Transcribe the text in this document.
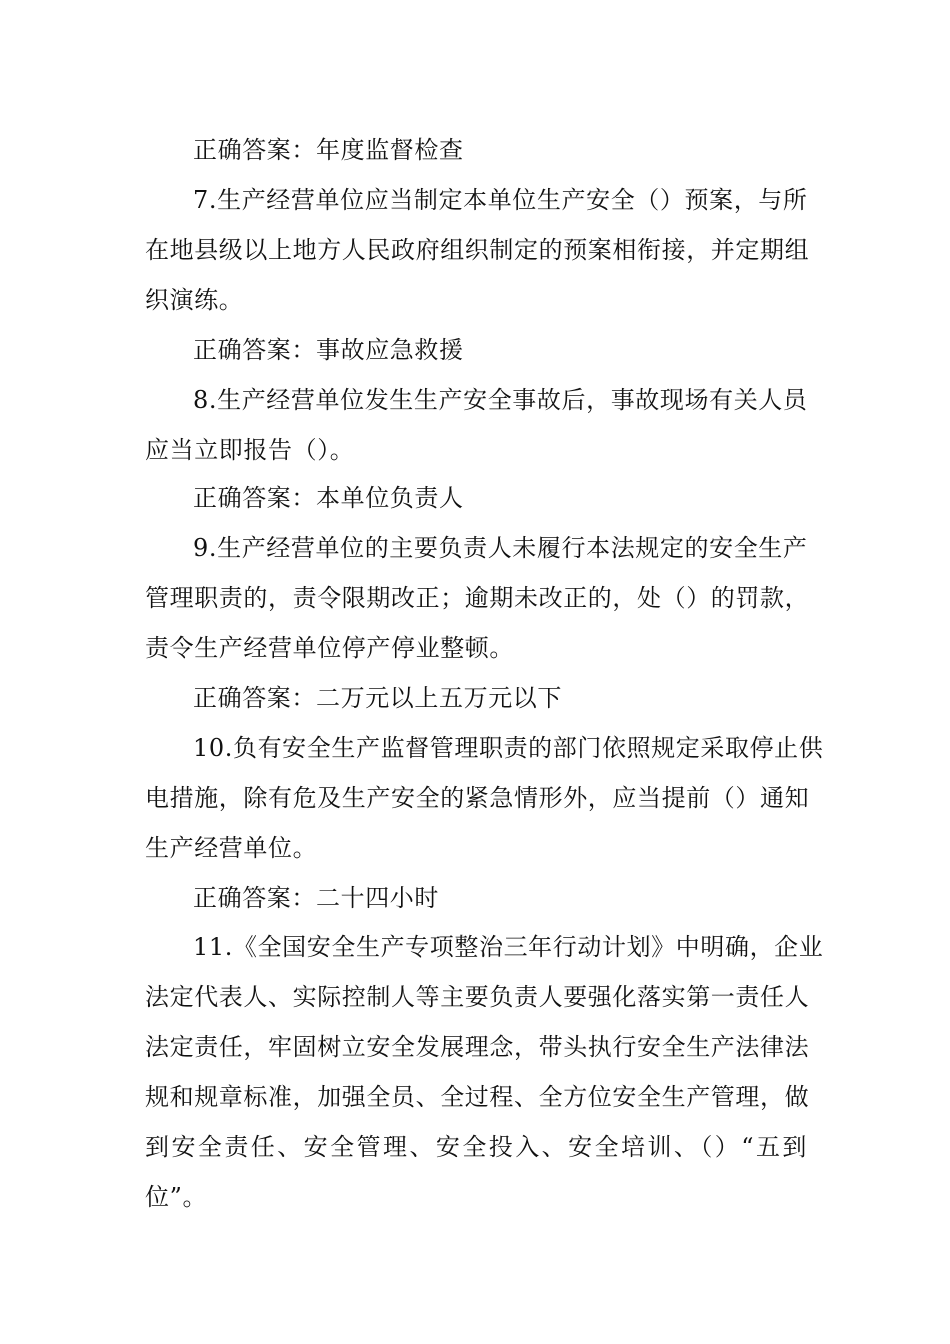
正确答案：年度监督检查
7.生产经营单位应当制定本单位生产安全（）预案，与所
在地县级以上地方人民政府组织制定的预案相衔接，并定期组
织演练。
正确答案：事故应急救援
8.生产经营单位发生生产安全事故后，事故现场有关人员
应当立即报告（）。
正确答案：本单位负责人
9.生产经营单位的主要负责人未履行本法规定的安全生产
管理职责的，责令限期改正；逾期未改正的，处（）的罚款，
责令生产经营单位停产停业整顿。
正确答案：二万元以上五万元以下
10.负有安全生产监督管理职责的部门依照规定采取停止供
电措施，除有危及生产安全的紧急情形外，应当提前（）通知
生产经营单位。
正确答案：二十四小时
11.《全国安全生产专项整治三年行动计划》中明确，企业
法定代表人、实际控制人等主要负责人要强化落实第一责任人
法定责任，牢固树立安全发展理念，带头执行安全生产法律法
规和规章标准，加强全员、全过程、全方位安全生产管理，做
到安全责任、安全管理、安全投入、安全培训、（）“五到
位”。
